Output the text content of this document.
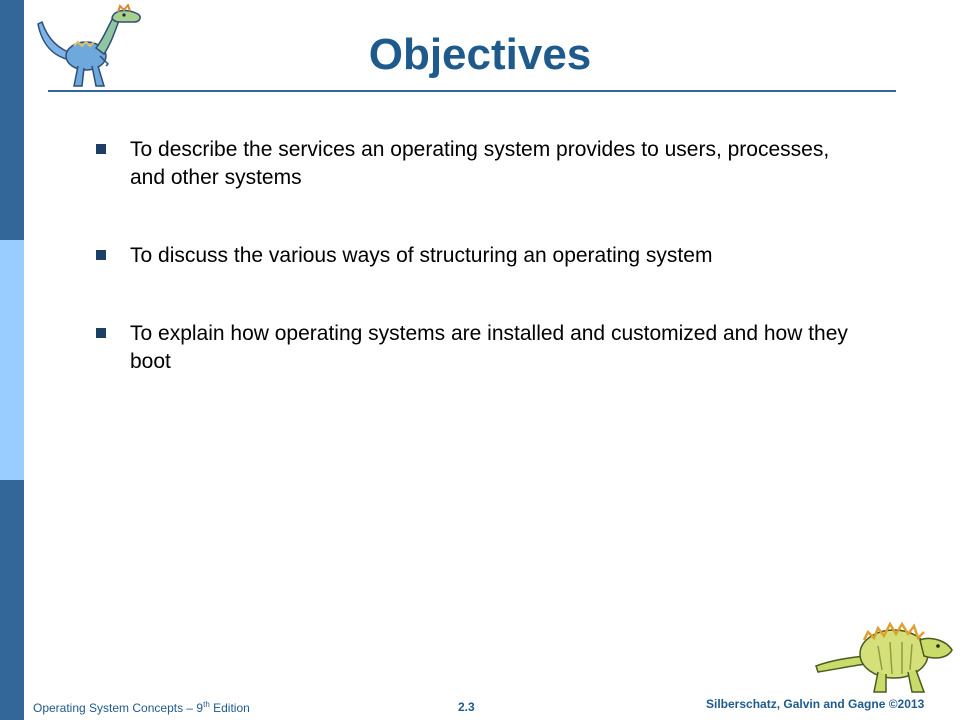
Objectives
To describe the services an operating system provides to users, processes, and other systems
To discuss the various ways of structuring an operating system
To explain how operating systems are installed and customized and how they boot
Operating System Concepts – 9th Edition	2.3	Silberschatz, Galvin and Gagne ©2013
